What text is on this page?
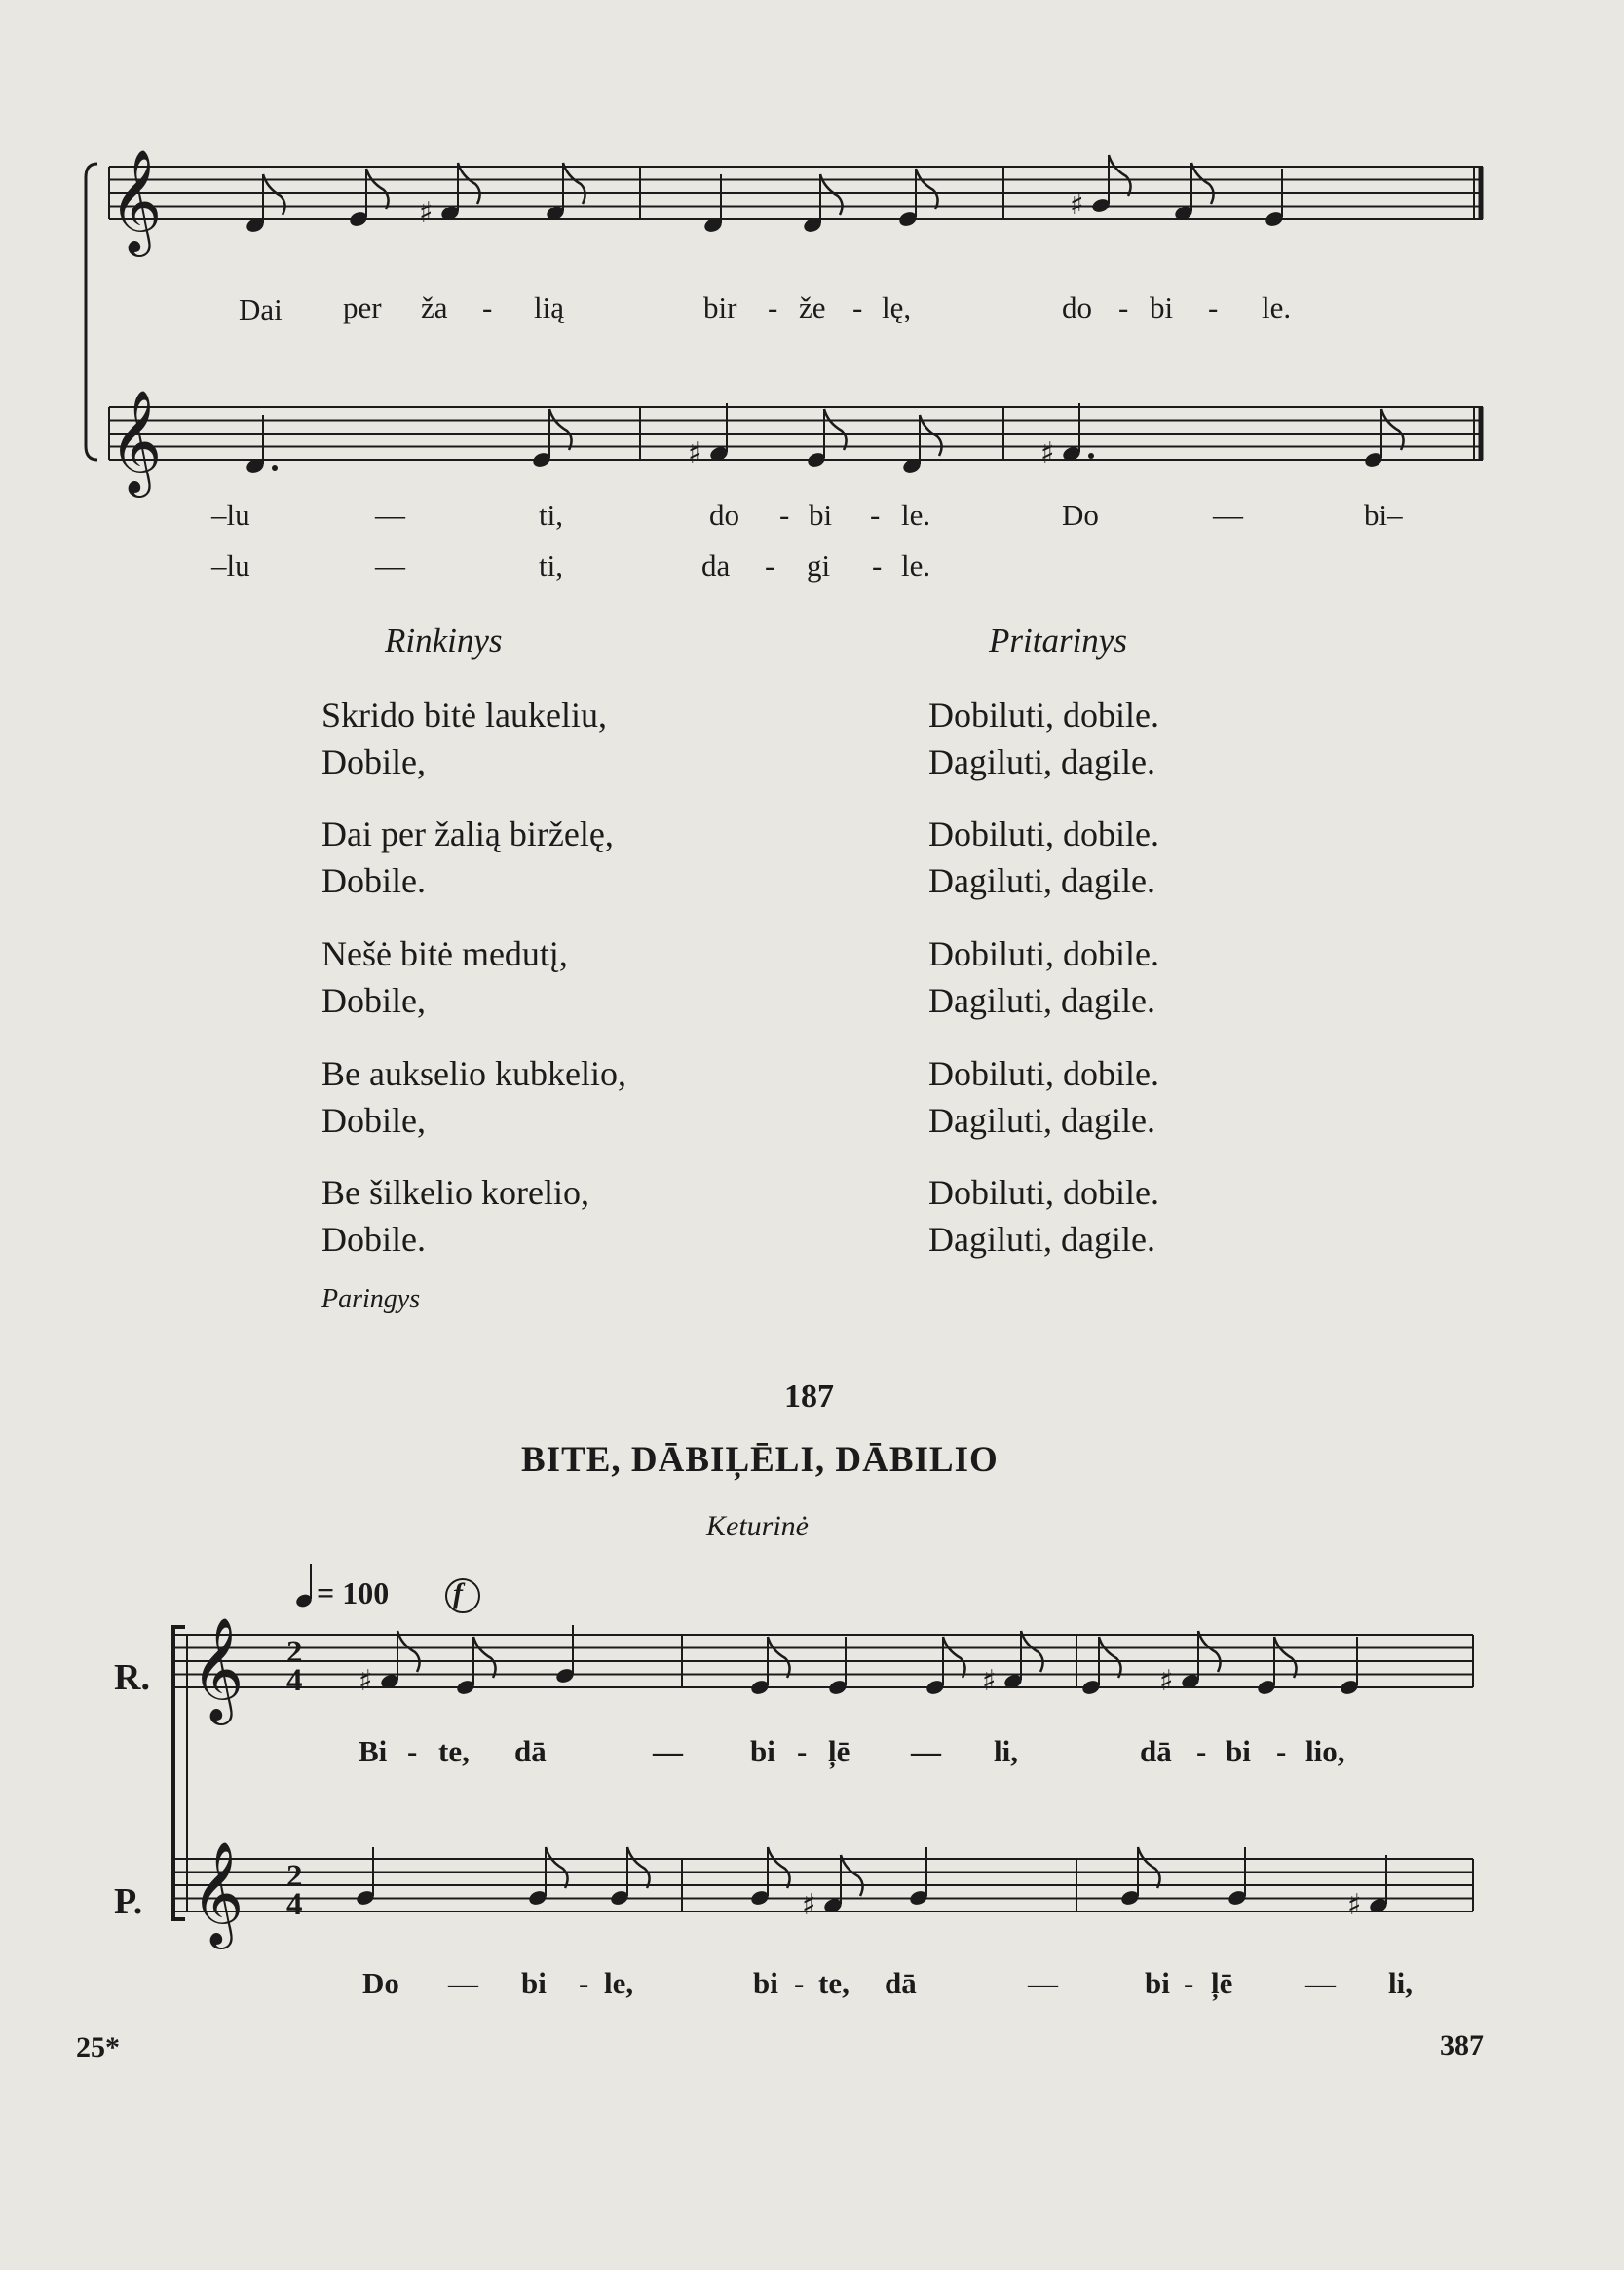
𝄞
𝄞
♯	♯
♯	♯
𝄞
𝄞
♯	♯	♯
♯	♯
Dai per ža - lią	bir - že - lę,	do - bi - le.
–lu	—	ti,	do - bi - le.	Do	—	bi–
–lu	—	ti,	da - gi - le.
Rinkinys	Pritarinys
Skrido bitė laukeliu,
Dobile,
Dobiluti, dobile.
Dagiluti, dagile.
Dai per žalią birželę,
Dobile.
Dobiluti, dobile.
Dagiluti, dagile.
Nešė bitė medutį,
Dobile,
Dobiluti, dobile.
Dagiluti, dagile.
Be aukselio kubkelio,
Dobile,
Dobiluti, dobile.
Dagiluti, dagile.
Be šilkelio korelio,
Dobile.
Dobiluti, dobile.
Dagiluti, dagile.
Paringys
187
BITE, DĀBIĻĒLI, DĀBILIO
Keturinė
= 100 f
R.
P.
2
4
2
4
Bi - te, dā	— bi - ļē — li,	dā - bi - lio,
Do — bi - le,	bi - te, dā	—	bi - ļē — li,
25*	387
